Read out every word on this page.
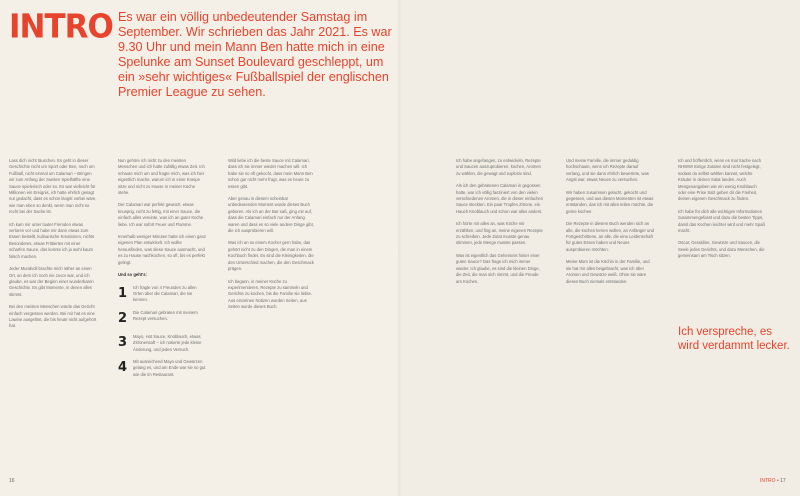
INTRO Es war ein völlig unbedeutender Samstag im September. Wir schrieben das Jahr 2021. Es war 9.30 Uhr und mein Mann Ben hatte mich in eine Spelunke am Sunset Boulevard geschleppt, um ein »sehr wichtiges« Fußballspiel der englischen Premier League zu sehen.

Lass dich nicht täuschen. Es geht in dieser Geschichte nicht um Sport oder Ben, noch um Fußball, nicht einmal um Calamari – Bringen wir zum Anfang der zweiten Spielhälfte eine Sauce spielerisch oder so. Es war vielleicht für Millionen ein Ereignis, ich hatte ehrlich gesagt nur gedacht, dass es schon längst vorbei wäre, wie man eben so denkt, wenn man nicht so recht bei der Sache ist.

Ich kam mir unter lauter Fremden etwas verloren vor und habe mir dann etwas zum Essen bestellt, kulinarische Kreationen, nichts Besonderes, etwas Frittiertes mit einer scharfen Sauce, das konnte ich ja wohl kaum falsch machen.

Jeder Mundvoll brachte mich näher an einen Ort, an dem ich noch nie zuvor war, und ich glaube, es war der Beginn einer wunderbaren Geschichte. Es gibt Momente, in denen alles stimmt.

Bei den meisten Menschen würde das Gericht einfach vergessen werden. Bei mir hat es eine Lawine ausgelöst, die bis heute nicht aufgehört hat.

Nun gehöre ich nicht zu den meisten Menschen und ich hatte zufällig etwas Zeit. Ich schaute mich um und fragte mich, was ich hier eigentlich mache, warum ich in einer Kneipe sitze und nicht zu Hause in meiner Küche stehe.

Der Calamari war perfekt gewürzt, etwas knusprig, nicht zu fettig, mit einer Sauce, die einfach alles vereinte, was ich an guter Küche liebe. Ich war sofort Feuer und Flamme.

Innerhalb weniger Minuten hatte ich einen ganz eigenen Plan entwickelt. Ich wollte herausfinden, was diese Sauce ausmacht, und es zu Hause nachkochen, so oft, bis es perfekt gelingt.

Und so geht's:

1 Ich fragte von 4 Freunden zu allen Orten über die Calamari, die sie kennen.
2 Die Calamari gebraten mit meinem Rezept versuchen.
3 Mayo, Hot Sauce, Knoblauch, etwas Zitronensaft – ich notierte jede kleine Änderung, und jeden Versuch.
4 Mit ausreichend Mayo und Gewürzen gelang es, und am Ende war sie so gut wie die im Restaurant.

Wild liebe ich die beste Sauce mit Calamari, dass ich sie immer wieder machen will. Ich habe sie so oft gekocht, dass mein Mann Ben schon gar nicht mehr fragt, was es heute zu essen gibt.

Aber genau in diesem scheinbar unbedeutenden Moment wurde dieses Buch geboren. Als ich an der Bar saß, ging mir auf, dass die Calamari einfach nur der Anfang waren und dass es so viele andere Dinge gibt, die ich ausprobieren will.

Was ich an so einem Kocher gern habe, das gehört nicht zu den Dingen, die man in einem Kochbuch findet. Es sind die Kleinigkeiten, die den Unterschied machen, die den Geschmack prägen.

Ich begann, in meiner Küche zu experimentieren, Rezepte zu sammeln und Gerichte zu kochen, bis die Familie sie liebte. Aus einzelnen Notizen wurden Seiten, aus Seiten wurde dieses Buch.

Ich habe angefangen, zu entwickeln, Rezepte und Saucen auszuprobieren, kochen, Aromen zu wählen, die gewagt und explosiv sind.

Als ich den gebratenen Calamari in gegossen hatte, war ich völlig fasziniert von den vielen verschiedenen Aromen, die in dieser einfachen Sauce steckten. Ein paar Tropfen Zitrone, ein Hauch Knoblauch und schon war alles anders.

Ich hörte mir alles an, was Köche mir erzählten, und fing an, meine eigenen Rezepte zu schreiben. Jede Zutat musste genau stimmen, jede Menge musste passen.

Was ist eigentlich das Geheimnis hinter einer guten Sauce? Das frage ich mich immer wieder. Ich glaube, es sind die kleinen Dinge, die Zeit, die man sich nimmt, und die Freude am Kochen.

Und meine Familie, die immer geduldig hochschaute, wenn ich Rezepte darauf verlang, und sie dann ehrlich bewertete, was Angst war, etwas Neues zu versuchen.

Wir haben zusammen gelacht, gekocht und gegessen, und aus diesen Momenten ist etwas entstanden, das ich mit allen teilen möchte, die gerne kochen.

Die Rezepte in diesem Buch wenden sich an alle, die kochen lernen wollen, an Anfänger und Fortgeschrittene, an alle, die eine Leidenschaft für gutes Essen haben und Neues ausprobieren möchten.

Meine Mom ist die Köchin in der Familie, und sie hat mir alles beigebracht, was ich über Aromen und Gewürze weiß. Ohne sie wäre dieses Buch niemals entstanden.

Ich und hoffentlich, wenn es mal Sache nach NHWW! Einige Zutaten sind nicht festgelegt, sodass du selbst wählen kannst, welche Kräuter in deinen Salat landen. Auch Mengenangaben wie ein wenig Knoblauch oder eine Prise Salz geben dir die Freiheit, deinen eigenen Geschmack zu finden.

Ich habe für dich alle wichtigen Informationen zusammengefasst und dazu die besten Tipps, damit das Kochen leichter wird und mehr Spaß macht.

Oscar, Geraldine, Gewürze und Saucen, die Seele jedes Gerichts, und dazu Menschen, die gemeinsam am Tisch sitzen.

Ich verspreche, es wird verdammt lecker.
16	INTRO • 17
